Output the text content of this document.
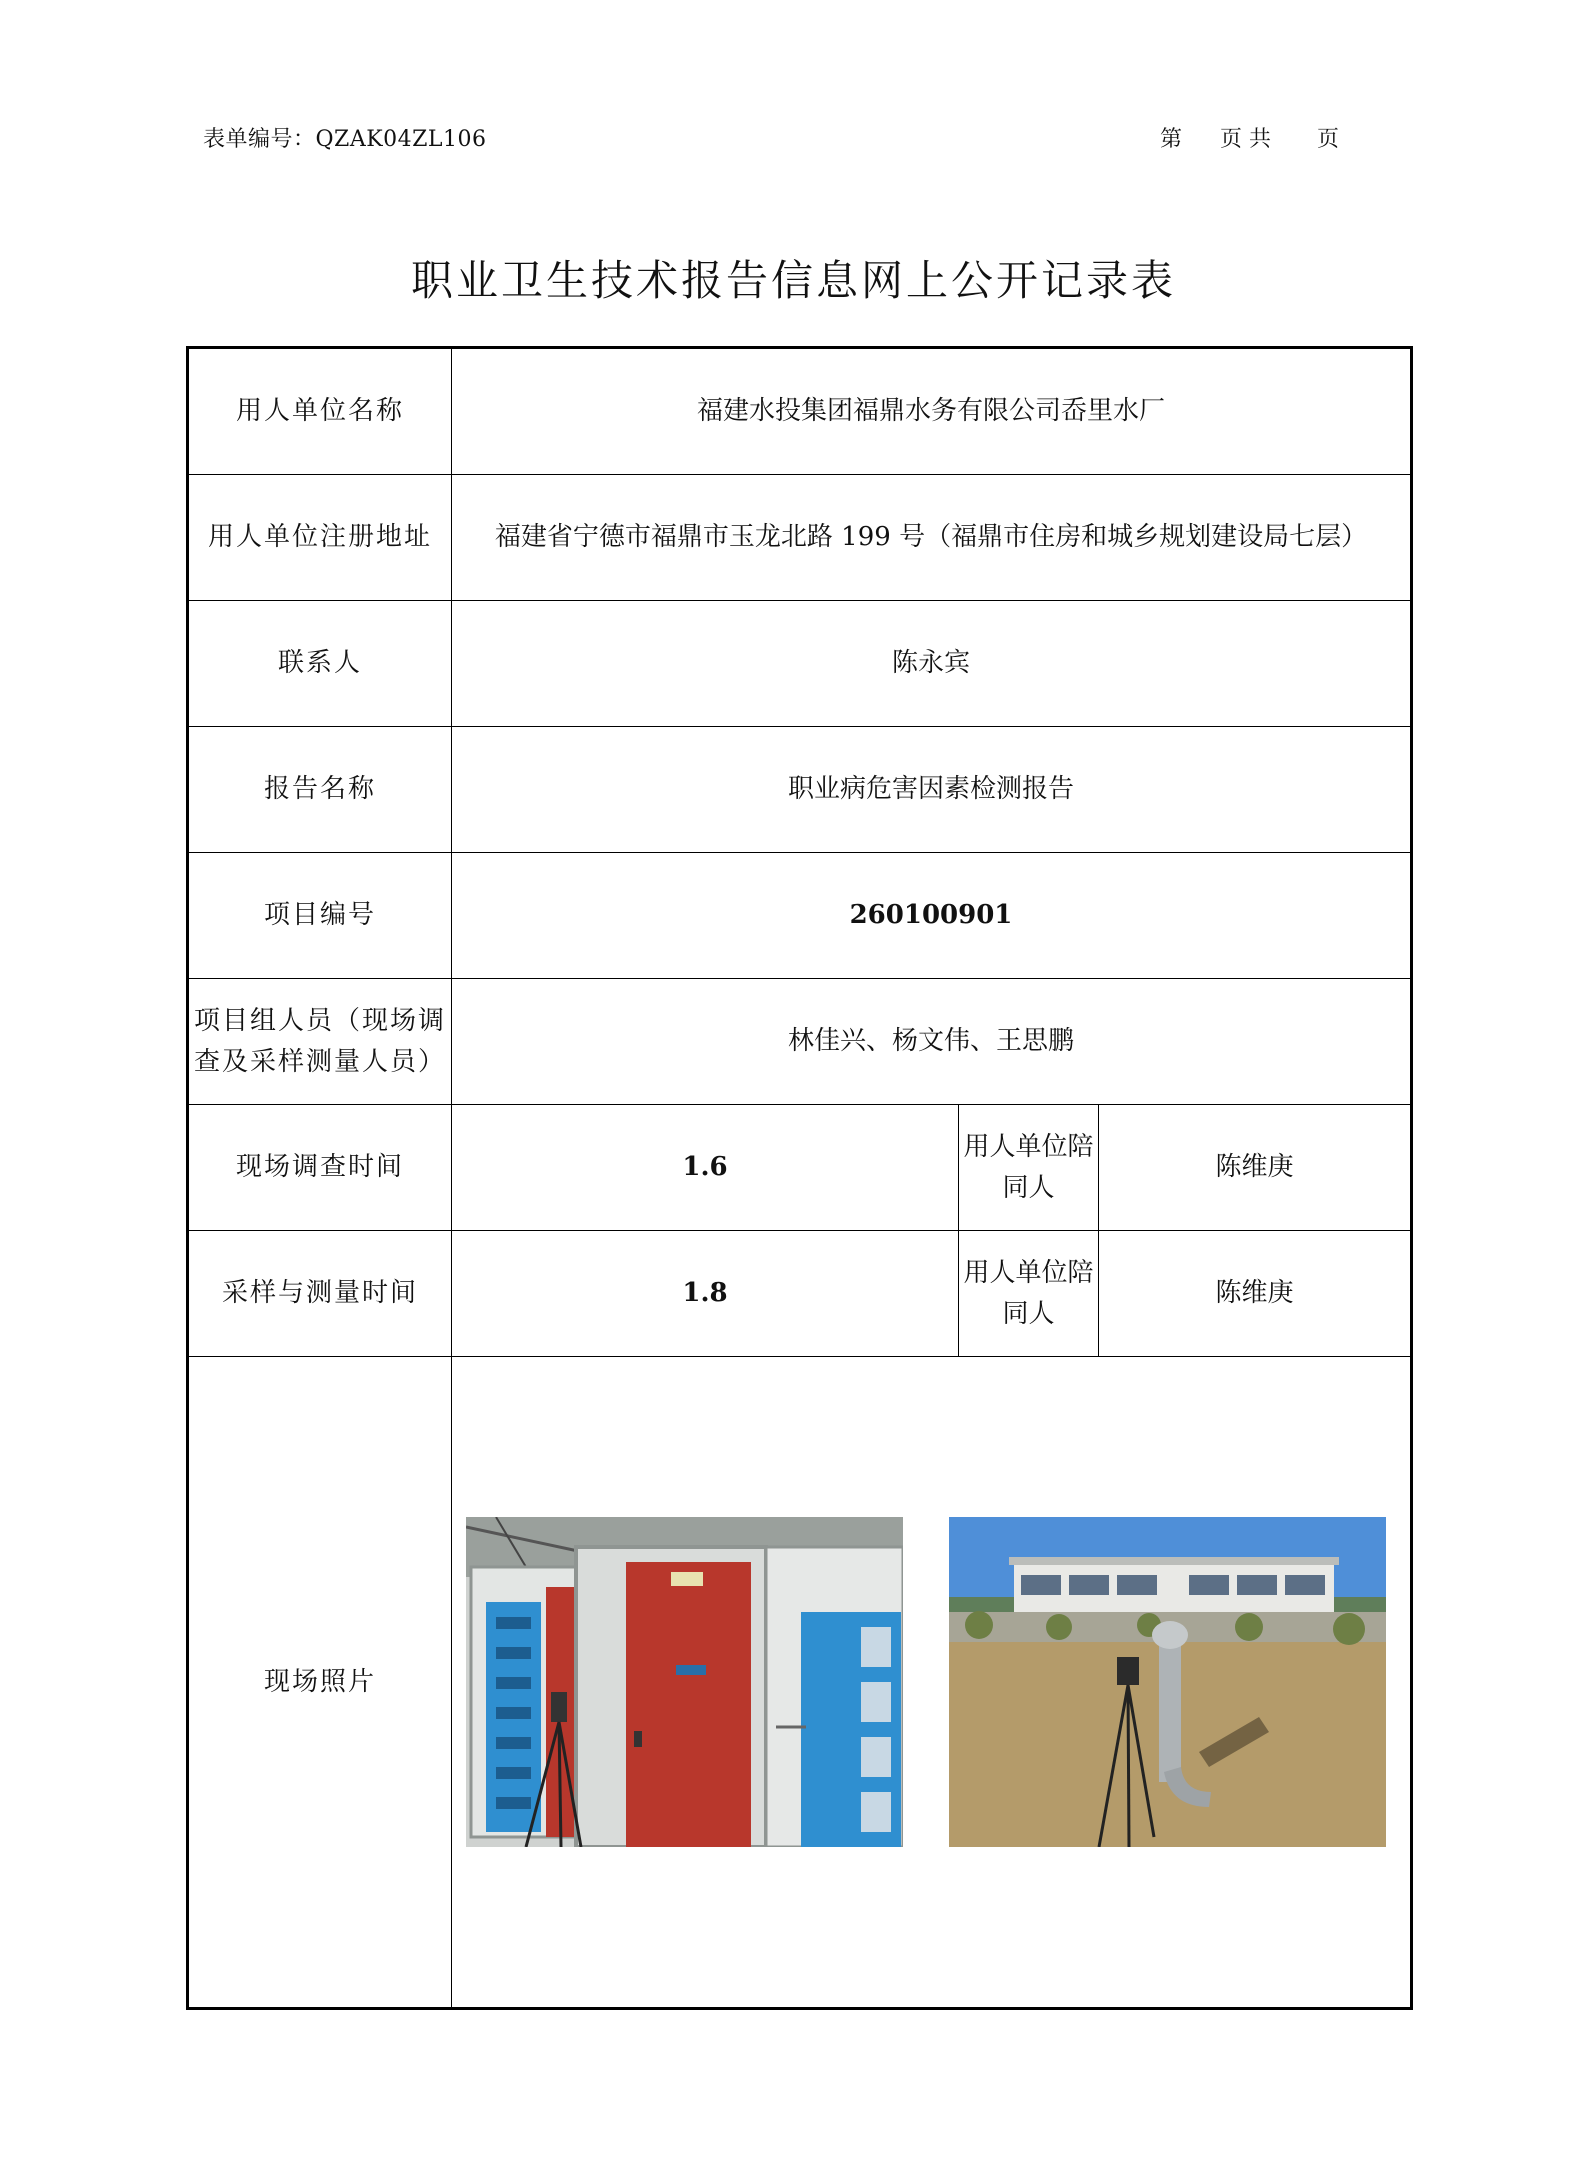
表单编号：QZAK04ZL106	第 页 共 页
职业卫生技术报告信息网上公开记录表
用人单位名称	福建水投集团福鼎水务有限公司岙里水厂		
用人单位注册地址	福建省宁德市福鼎市玉龙北路 199 号（福鼎市住房和城乡规划建设局七层）		
联系人	陈永宾		
报告名称	职业病危害因素检测报告		
项目编号	260100901		
项目组人员（现场调查及采样测量人员）	林佳兴、杨文伟、王思鹏		
现场调查时间	1.6	用人单位陪同人	陈维庚
采样与测量时间	1.8	用人单位陪同人	陈维庚
现场照片	
